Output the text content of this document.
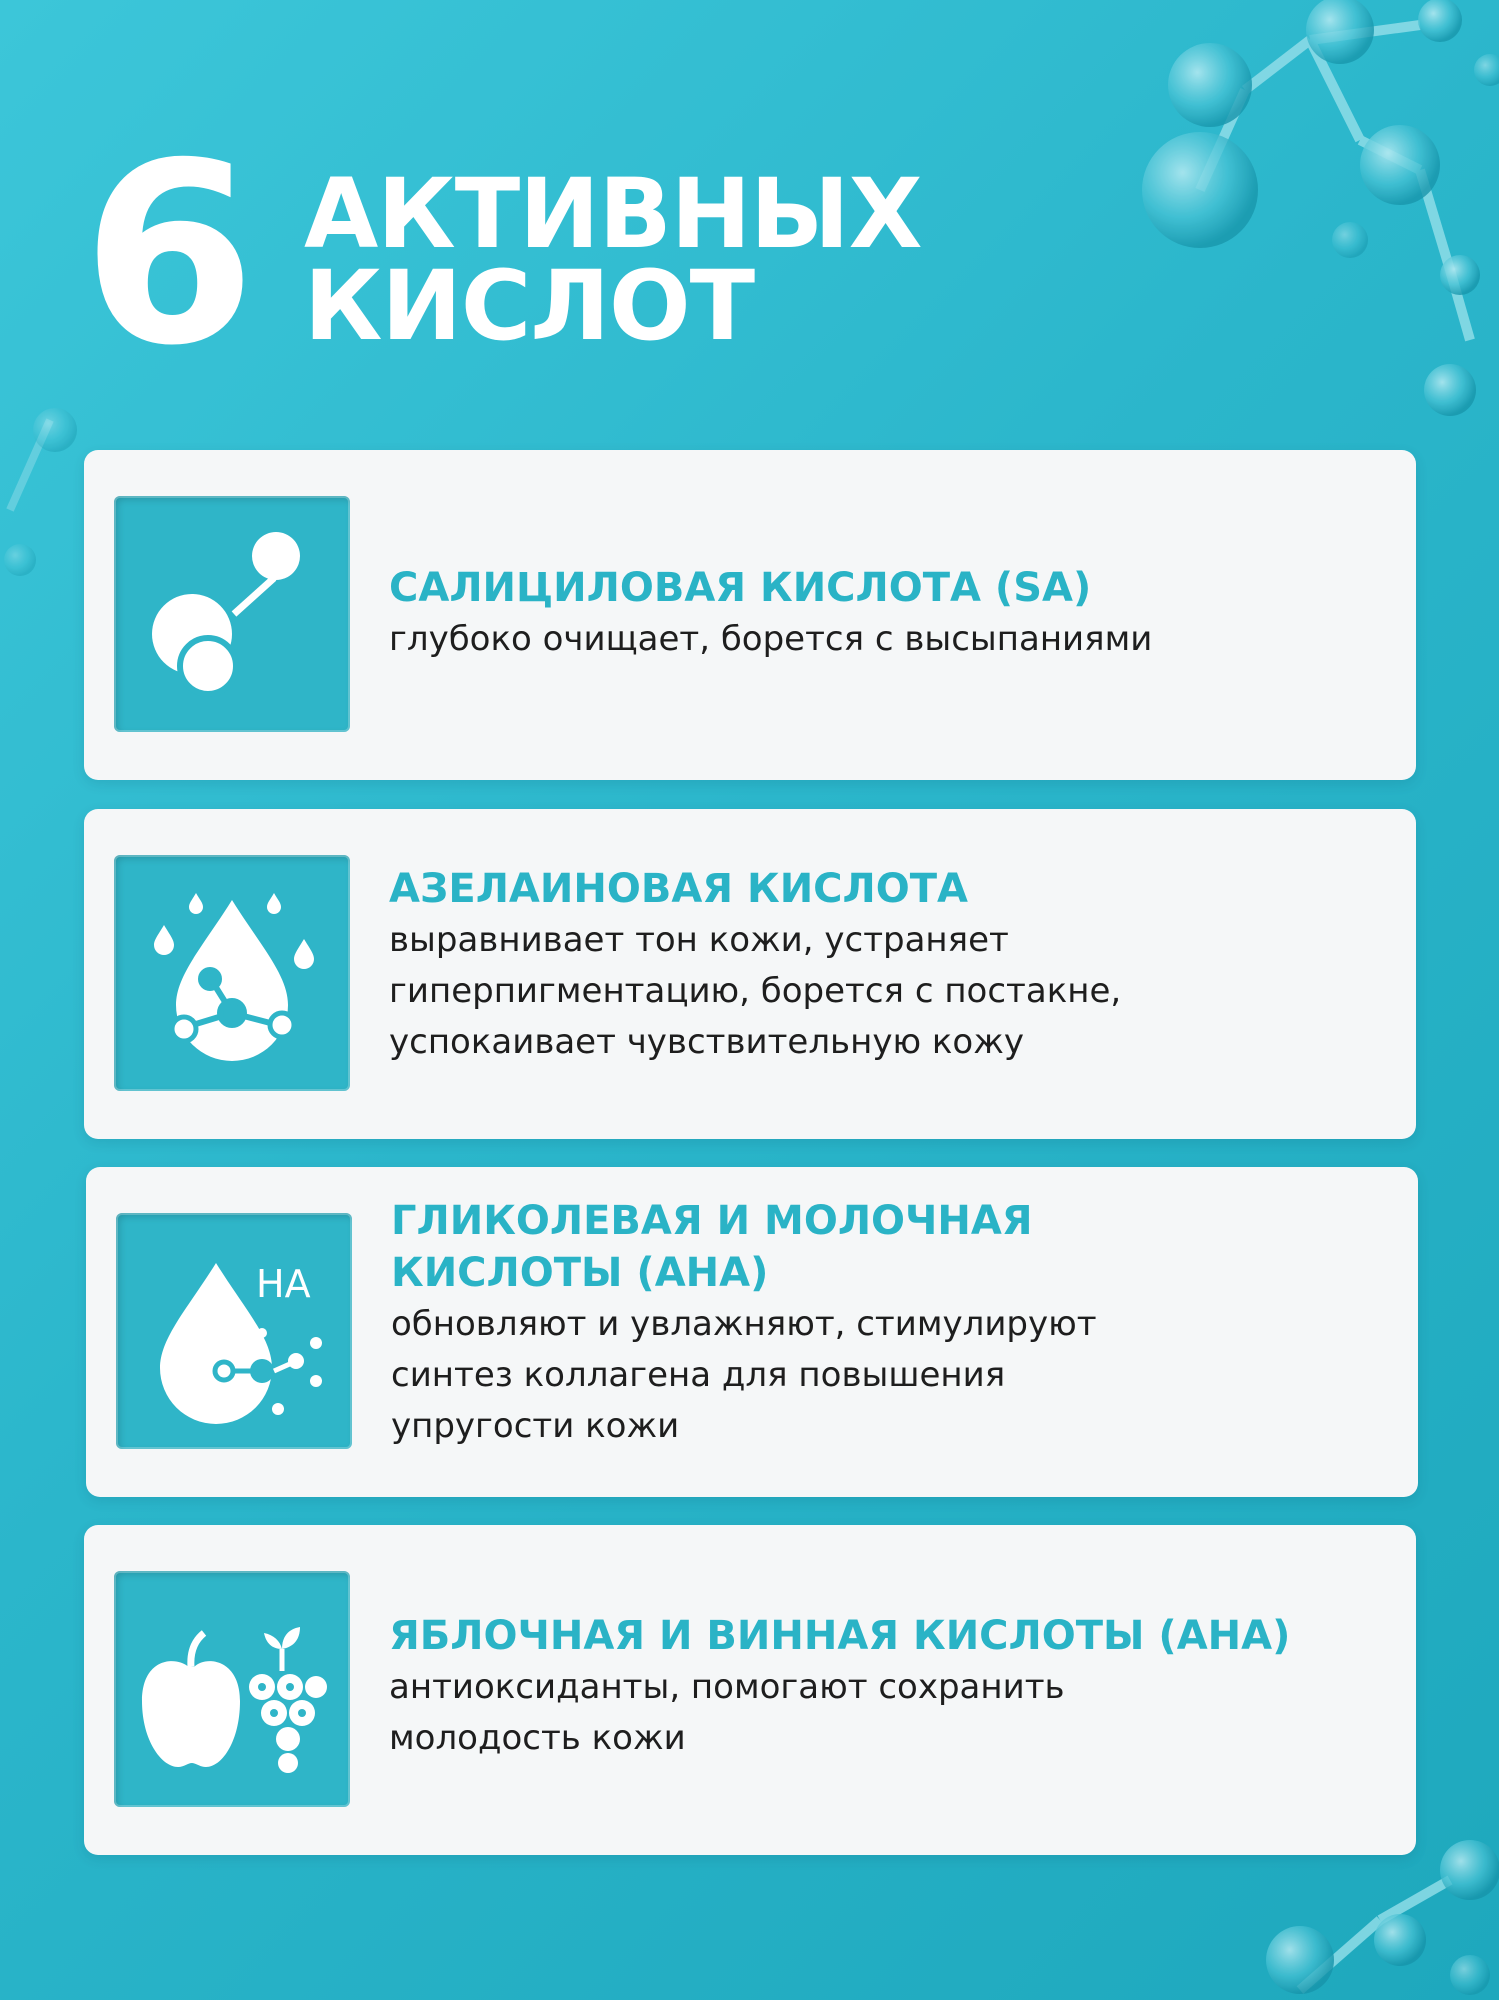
6 АКТИВНЫХ
КИСЛОТ
САЛИЦИЛОВАЯ КИСЛОТА (SA)
глубоко очищает, борется с высыпаниями
АЗЕЛАИНОВАЯ КИСЛОТА
выравнивает тон кожи, устраняет
гиперпигментацию, борется с постакне,
успокаивает чувствительную кожу
HA
ГЛИКОЛЕВАЯ И МОЛОЧНАЯ
КИСЛОТЫ (АНА)
обновляют и увлажняют, стимулируют
синтез коллагена для повышения
упругости кожи
ЯБЛОЧНАЯ И ВИННАЯ КИСЛОТЫ (АНА)
антиоксиданты, помогают сохранить
молодость кожи
